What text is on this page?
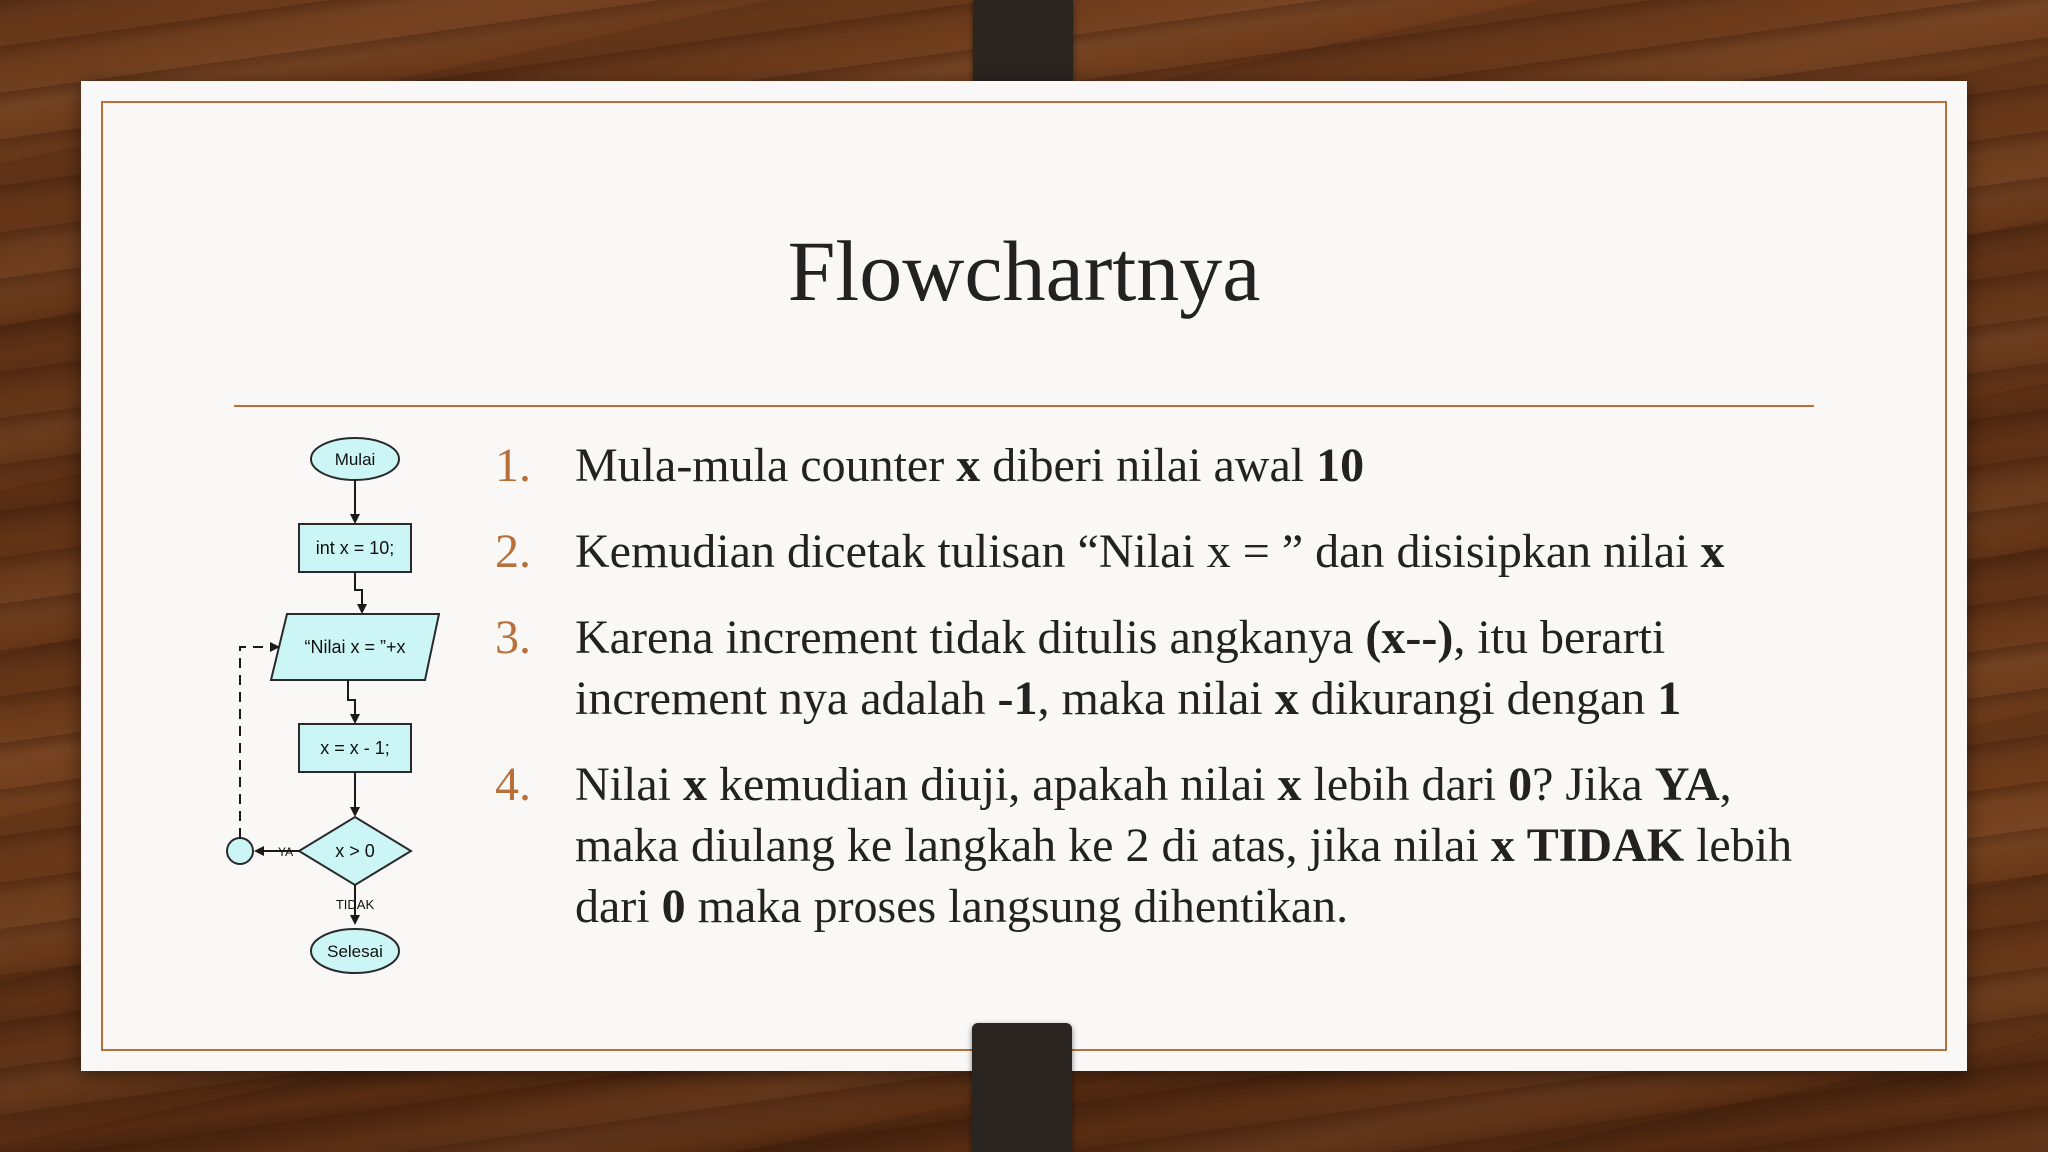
Flowchartnya
Mulai
int x = 10;
“Nilai x = ”+x
x = x - 1;
x > 0
YA
TIDAK
Selesai
1. Mula-mula counter x diberi nilai awal 10
2. Kemudian dicetak tulisan “Nilai x = ” dan disisipkan nilai x
3. Karena increment tidak ditulis angkanya (x--), itu berarti increment nya adalah -1, maka nilai x dikurangi dengan 1
4. Nilai x kemudian diuji, apakah nilai x lebih dari 0? Jika YA, maka diulang ke langkah ke 2 di atas, jika nilai x TIDAK lebih dari 0 maka proses langsung dihentikan.
